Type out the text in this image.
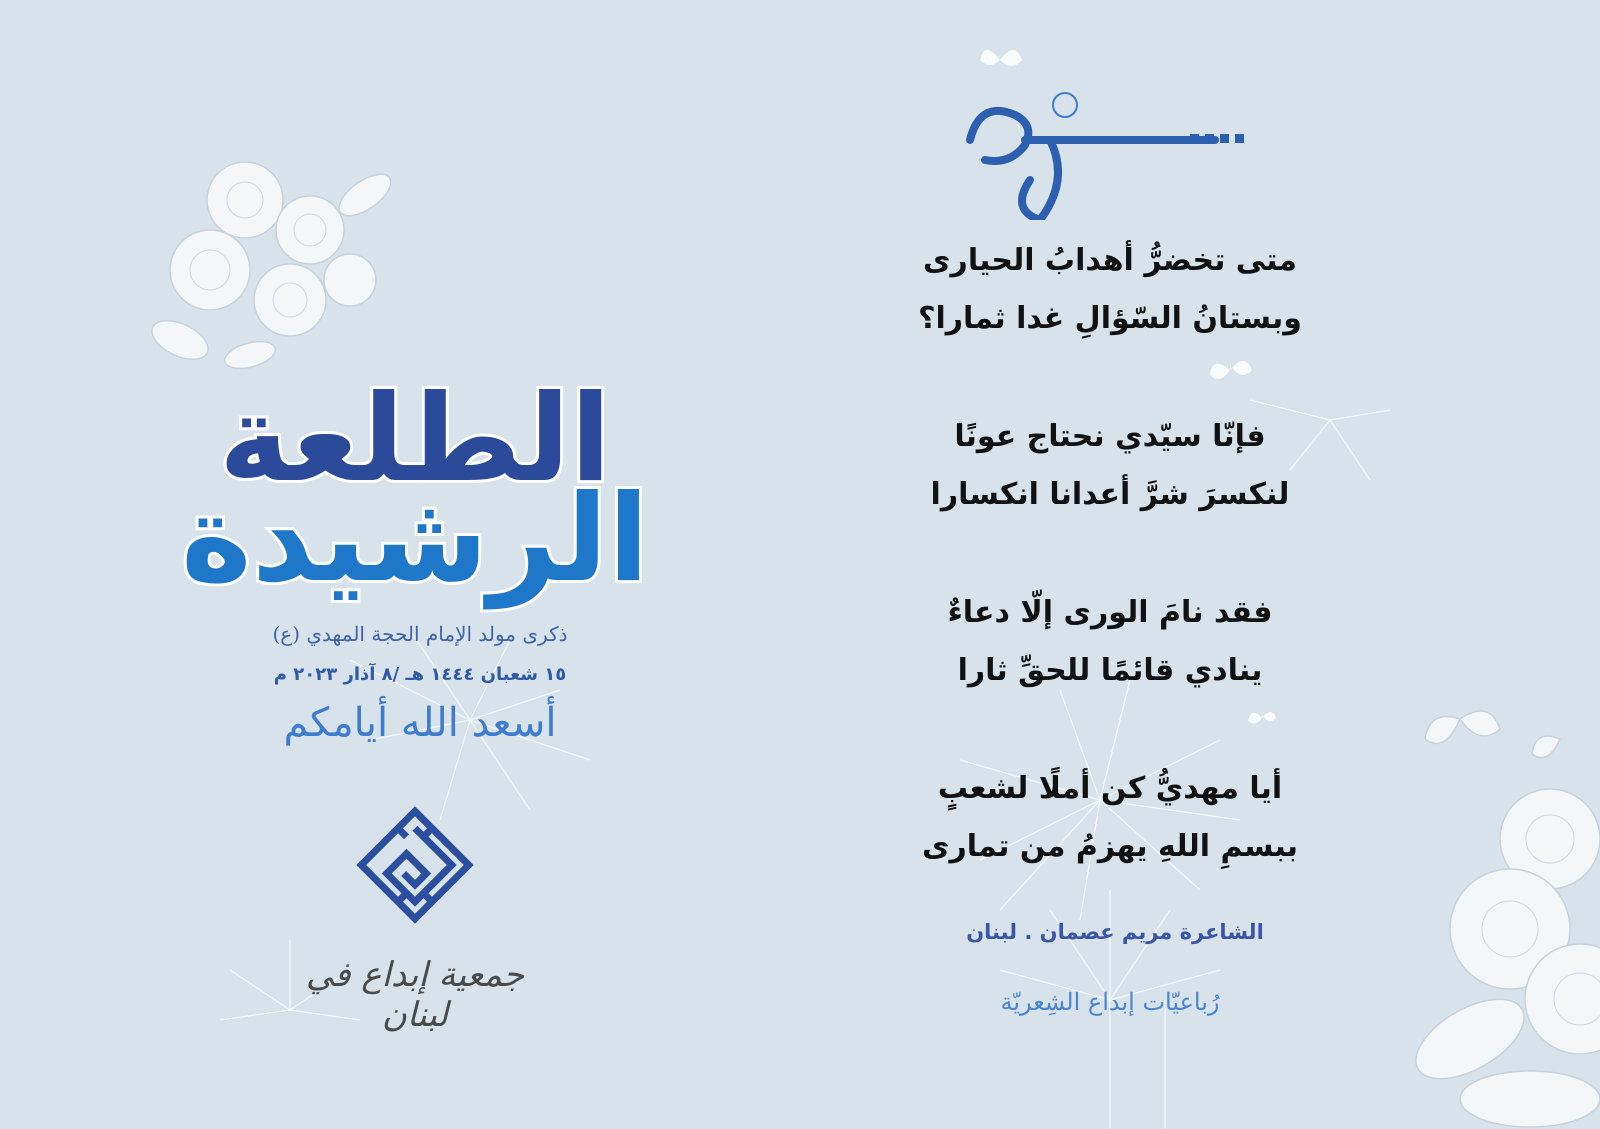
الطلعة
الرشيدة
ذكرى مولد الإمام الحجة المهدي (ع)
١٥ شعبان ١٤٤٤ هـ /٨ آذار ٢٠٢٣ م
أسعد الله أيامكم
جمعية إبداع في لبنان
متى تخضرُّ أهدابُ الحيارى
وبستانُ السّؤالِ غدا ثمارا؟
فإنّا سيّدي نحتاج عونًا
لنكسرَ شرَّ أعدانا انكسارا
فقد نامَ الورى إلّا دعاءٌ
ينادي قائمًا للحقِّ ثارا
أيا مهديُّ كن أملًا لشعبٍ
ببسمِ اللهِ يهزمُ من تمارى
الشاعرة مريم عصمان . لبنان
رُباعيّات إبداع الشِعريّة
